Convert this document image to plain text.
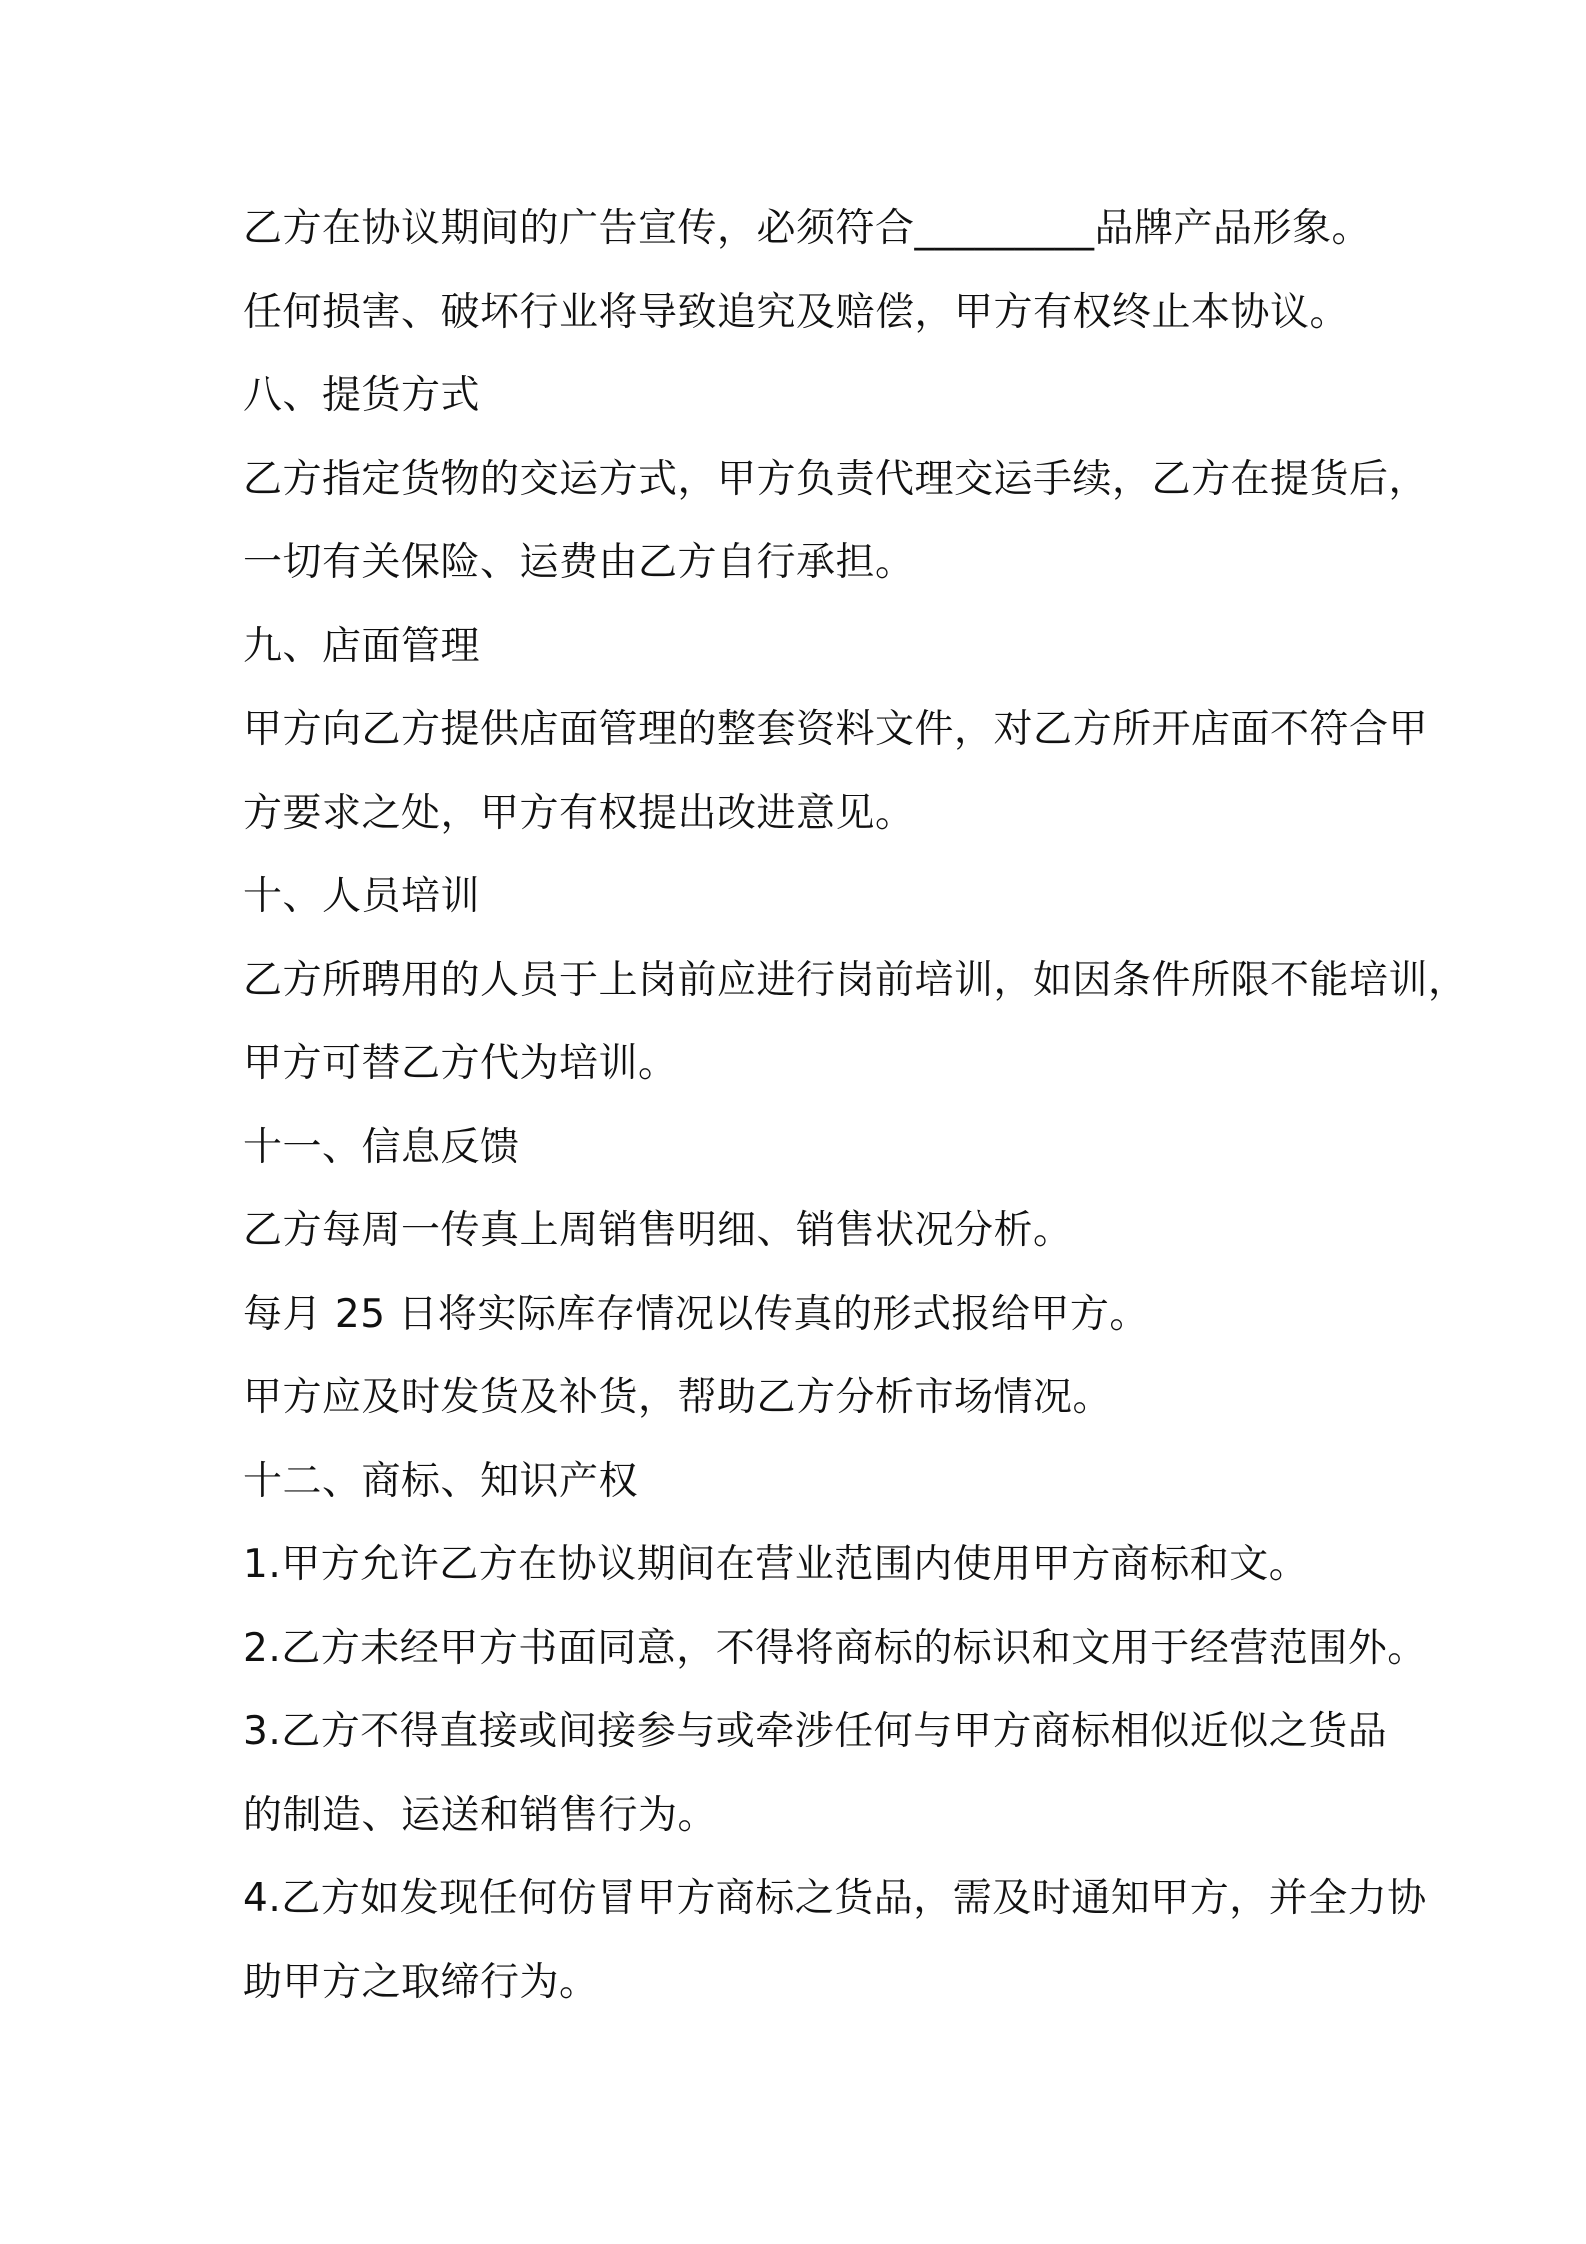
乙方在协议期间的广告宣传，必须符合_________品牌产品形象。
任何损害、破坏行业将导致追究及赔偿，甲方有权终止本协议。
八、提货方式
乙方指定货物的交运方式，甲方负责代理交运手续，乙方在提货后，
一切有关保险、运费由乙方自行承担。
九、店面管理
甲方向乙方提供店面管理的整套资料文件，对乙方所开店面不符合甲
方要求之处，甲方有权提出改进意见。
十、人员培训
乙方所聘用的人员于上岗前应进行岗前培训，如因条件所限不能培训，
甲方可替乙方代为培训。
十一、信息反馈
乙方每周一传真上周销售明细、销售状况分析。
每月 25 日将实际库存情况以传真的形式报给甲方。
甲方应及时发货及补货，帮助乙方分析市场情况。
十二、商标、知识产权
1.甲方允许乙方在协议期间在营业范围内使用甲方商标和文。
2.乙方未经甲方书面同意，不得将商标的标识和文用于经营范围外。
3.乙方不得直接或间接参与或牵涉任何与甲方商标相似近似之货品
的制造、运送和销售行为。
4.乙方如发现任何仿冒甲方商标之货品，需及时通知甲方，并全力协
助甲方之取缔行为。
